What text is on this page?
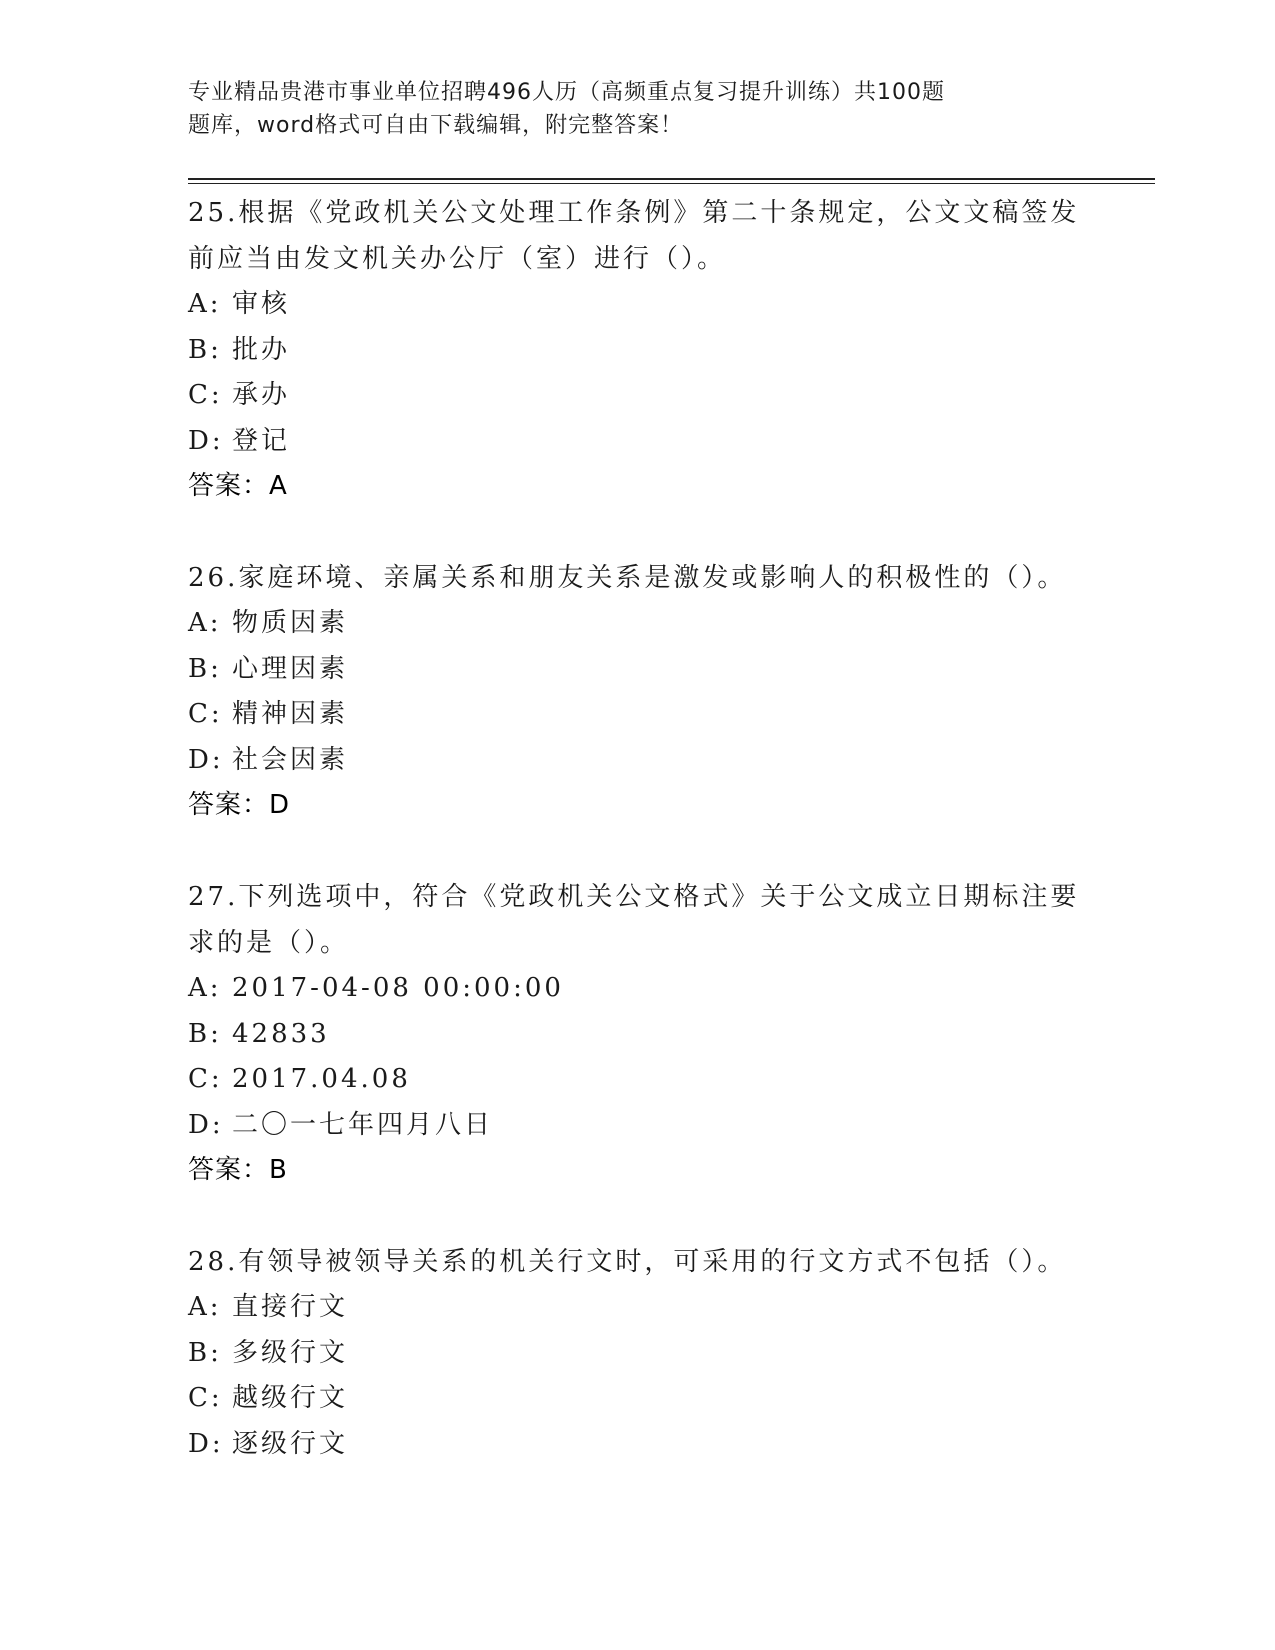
专业精品贵港市事业单位招聘496人历（高频重点复习提升训练）共100题
题库，word格式可自由下载编辑，附完整答案！
25.根据《党政机关公文处理工作条例》第二十条规定，公文文稿签发
前应当由发文机关办公厅（室）进行（）。
A: 审核
B: 批办
C: 承办
D: 登记
答案：A
26.家庭环境、亲属关系和朋友关系是激发或影响人的积极性的（）。
A: 物质因素
B: 心理因素
C: 精神因素
D: 社会因素
答案：D
27.下列选项中，符合《党政机关公文格式》关于公文成立日期标注要
求的是（）。
A: 2017-04-08 00:00:00
B: 42833
C: 2017.04.08
D: 二〇一七年四月八日
答案：B
28.有领导被领导关系的机关行文时，可采用的行文方式不包括（）。
A: 直接行文
B: 多级行文
C: 越级行文
D: 逐级行文
